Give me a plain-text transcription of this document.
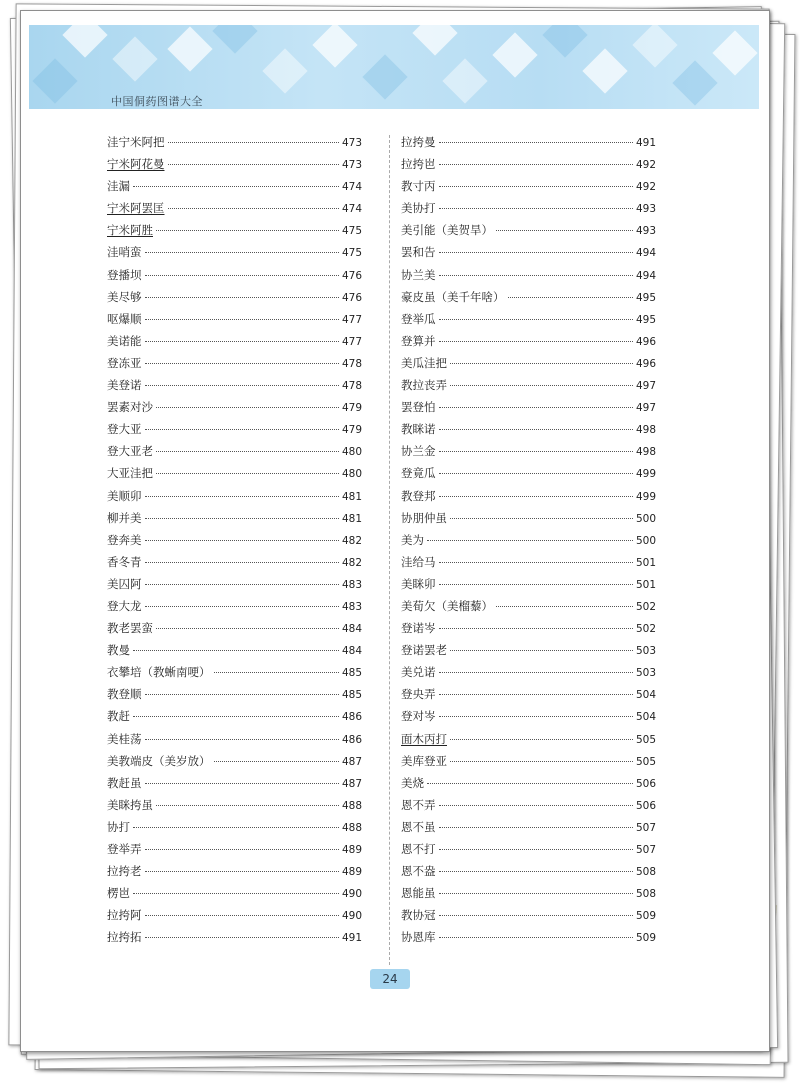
中国侗药图谱大全
洼宁米阿把	473
宁米阿花曼	473
洼漏	474
宁米阿罢匡	474
宁米阿胜	475
洼哨蛮	475
登播坝	476
美尽够	476
呕爆顺	477
美诺能	477
登冻亚	478
美登诺	478
罢素对沙	479
登大亚	479
登大亚老	480
大亚洼把	480
美顺卯	481
柳并美	481
登奔美	482
香冬青	482
美囚阿	483
登大龙	483
教老罢蛮	484
教曼	484
衣攀培（教蜥南哽）	485
教登顺	485
教赶	486
美桂荡	486
美教端皮（美岁放）	487
教赶虽	487
美眯挎虽	488
协打	488
登举弄	489
拉挎老	489
楞岜	490
拉挎阿	490
拉挎拓	491
拉挎曼	491
拉挎岜	492
教寸丙	492
美协打	493
美引能（美贺旱）	493
罢和告	494
协兰美	494
豪皮虽（美千年啥）	495
登举瓜	495
登算并	496
美瓜洼把	496
教拉丧弄	497
罢登怕	497
教眯诺	498
协兰金	498
登竟瓜	499
教登邦	499
协朋仲虽	500
美为	500
洼给马	501
美眯卯	501
美荀欠（美榴藜）	502
登诺岑	502
登诺罢老	503
美兑诺	503
登央弄	504
登对岑	504
面木丙打	505
美库登亚	505
美烧	506
恩不弄	506
恩不虽	507
恩不打	507
恩不盎	508
恩能虽	508
教协冠	509
协恩库	509
24
